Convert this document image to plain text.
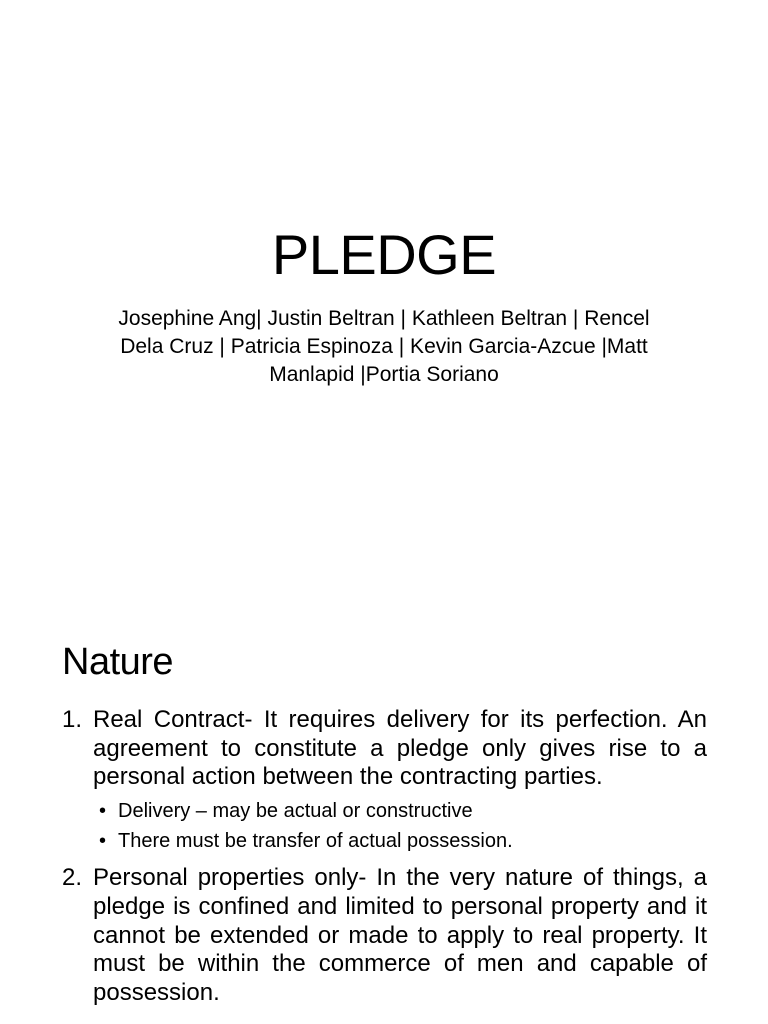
PLEDGE
Josephine Ang| Justin Beltran | Kathleen Beltran | Rencel Dela Cruz | Patricia Espinoza | Kevin Garcia-Azcue |Matt Manlapid |Portia Soriano
Nature
1. Real Contract- It requires delivery for its perfection. An agreement to constitute a pledge only gives rise to a personal action between the contracting parties.
• Delivery – may be actual or constructive
• There must be transfer of actual possession.
2. Personal properties only- In the very nature of things, a pledge is confined and limited to personal property and it cannot be extended or made to apply to real property. It must be within the commerce of men and capable of possession.
